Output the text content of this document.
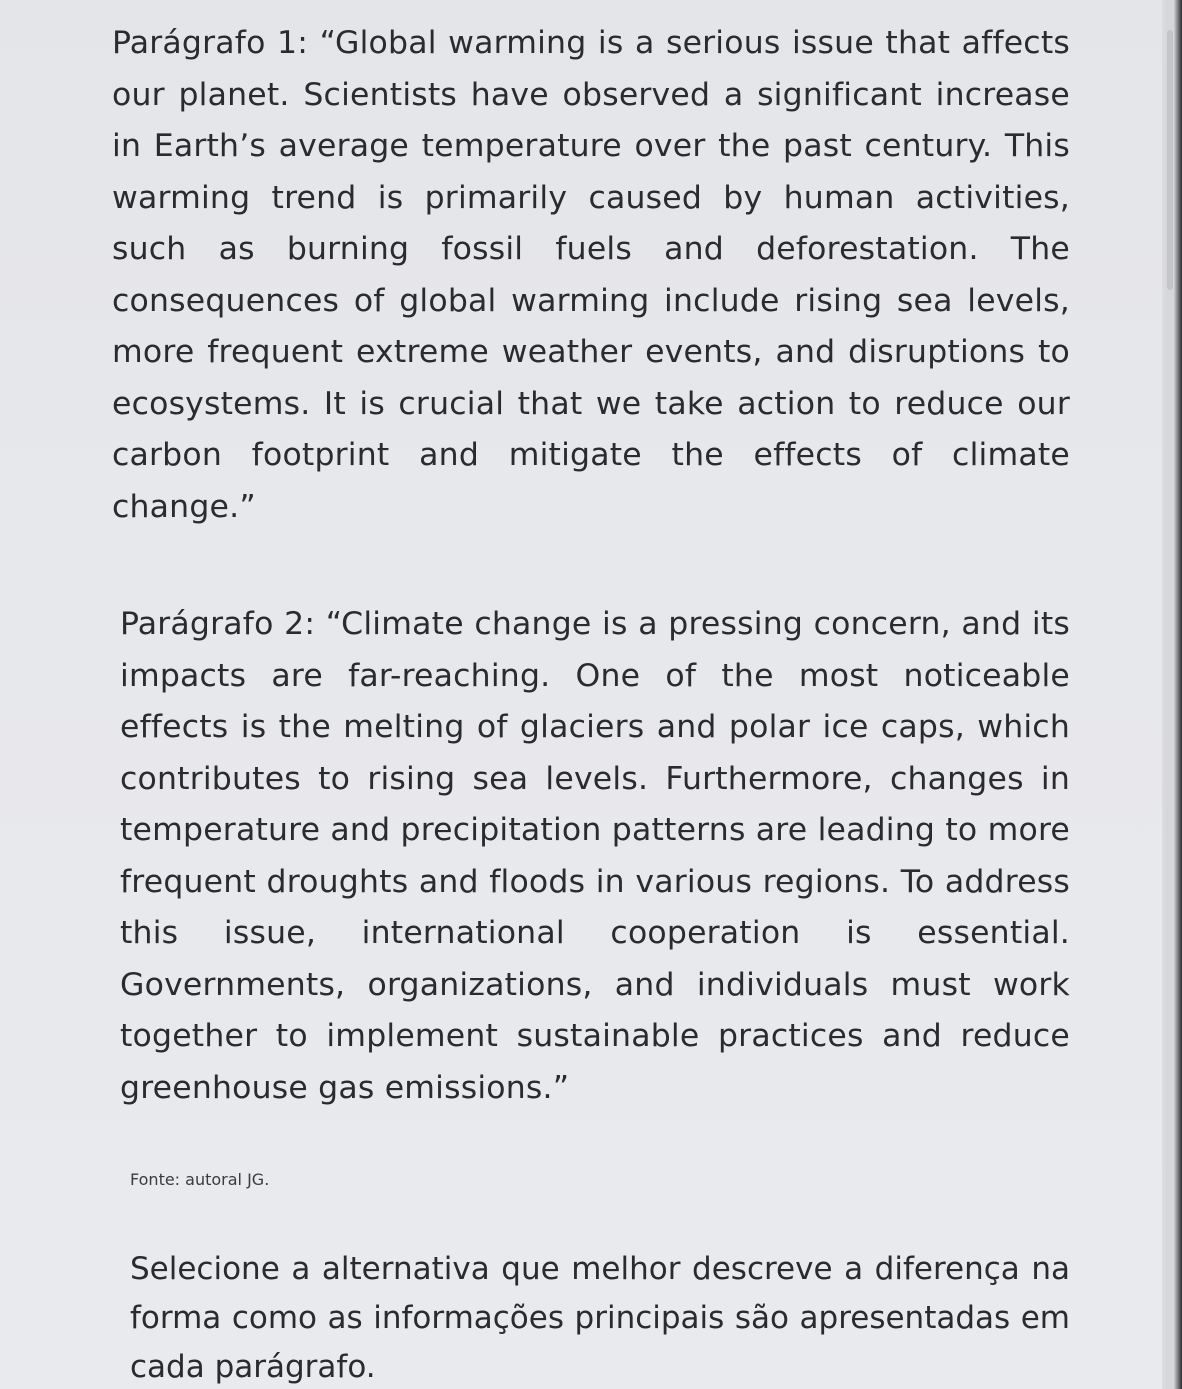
Parágrafo 1: “Global warming is a serious issue that affects our planet. Scientists have observed a significant increase in Earth’s average temperature over the past century. This warming trend is primarily caused by human activities, such as burning fossil fuels and deforestation. The consequences of global warming include rising sea levels, more frequent extreme weather events, and disruptions to ecosystems. It is crucial that we take action to reduce our carbon footprint and mitigate the effects of climate change.”

Parágrafo 2: “Climate change is a pressing concern, and its impacts are far-reaching. One of the most noticeable effects is the melting of glaciers and polar ice caps, which contributes to rising sea levels. Furthermore, changes in temperature and precipitation patterns are leading to more frequent droughts and floods in various regions. To address this issue, international cooperation is essential. Governments, organizations, and individuals must work together to implement sustainable practices and reduce greenhouse gas emissions.”

Fonte: autoral JG.

Selecione a alternativa que melhor descreve a diferença na forma como as informações principais são apresentadas em cada parágrafo.
